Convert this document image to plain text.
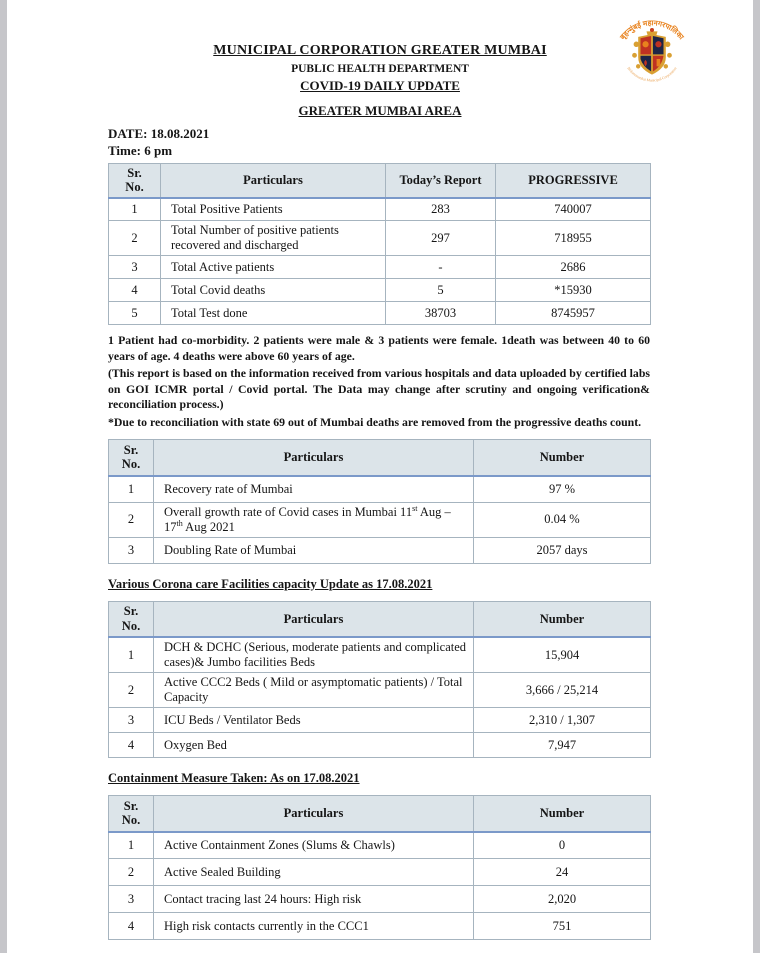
बृहन्मुंबई महानगरपालिका
Brihanmumbai Municipal Corporation
MUNICIPAL CORPORATION GREATER MUMBAI
PUBLIC HEALTH DEPARTMENT
COVID-19 DAILY UPDATE
GREATER MUMBAI AREA
DATE: 18.08.2021
Time: 6 pm
Sr.
No.	Particulars	Today’s Report	PROGRESSIVE
1	Total Positive Patients	283	740007
2	Total Number of positive patients recovered and discharged	297	718955
3	Total Active patients	-	2686
4	Total Covid deaths	5	*15930
5	Total Test done	38703	8745957
1 Patient had co-morbidity. 2 patients were male & 3 patients were female. 1death was between 40 to 60 years of age. 4 deaths were above 60 years of age.
(This report is based on the information received from various hospitals and data uploaded by certified labs on GOI ICMR portal / Covid portal. The Data may change after scrutiny and ongoing verification& reconciliation process.)
*Due to reconciliation with state 69 out of Mumbai deaths are removed from the progressive deaths count.
Sr.
No.	Particulars	Number
1	Recovery rate of Mumbai	97 %
2	Overall growth rate of Covid cases in Mumbai 11st Aug – 17th Aug 2021	0.04 %
3	Doubling Rate of Mumbai	2057 days
Various Corona care Facilities capacity Update as 17.08.2021
Sr.
No.	Particulars	Number
1	DCH & DCHC (Serious, moderate patients and complicated cases)& Jumbo facilities Beds	15,904
2	Active CCC2 Beds ( Mild or asymptomatic patients) / Total Capacity	3,666 / 25,214
3	ICU Beds / Ventilator Beds	2,310 / 1,307
4	Oxygen Bed	7,947
Containment Measure Taken: As on 17.08.2021
Sr.
No.	Particulars	Number
1	Active Containment Zones (Slums & Chawls)	0
2	Active Sealed Building	24
3	Contact tracing last 24 hours: High risk	2,020
4	High risk contacts currently in the CCC1	751
